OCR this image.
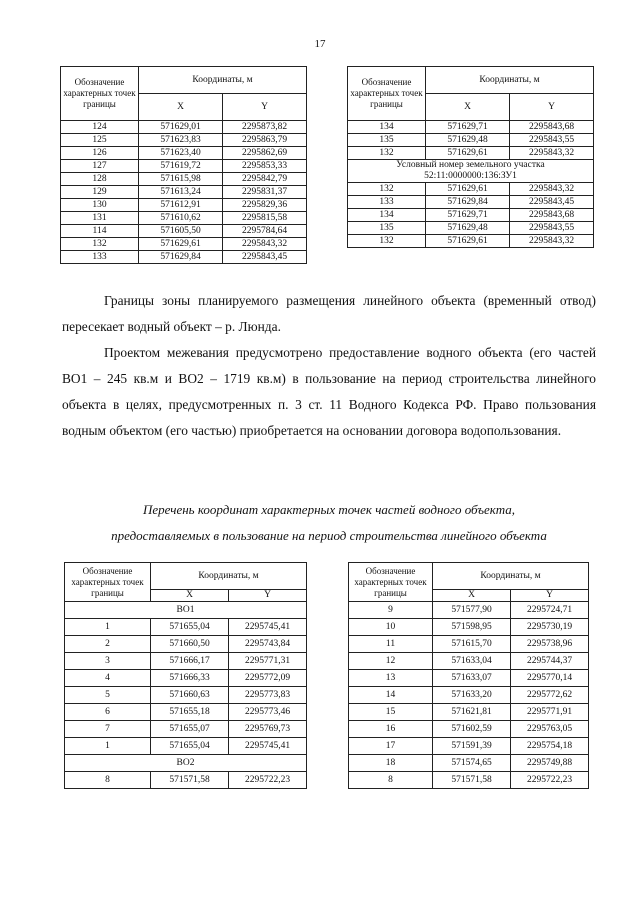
17
Обозначение характерных точек границы	Координаты, м	
	X	Y
124	571629,01	2295873,82
125	571623,83	2295863,79
126	571623,40	2295862,69
127	571619,72	2295853,33
128	571615,98	2295842,79
129	571613,24	2295831,37
130	571612,91	2295829,36
131	571610,62	2295815,58
114	571605,50	2295784,64
132	571629,61	2295843,32
133	571629,84	2295843,45
Обозначение характерных точек границы	Координаты, м	
	X	Y
134	571629,71	2295843,68
135	571629,48	2295843,55
132	571629,61	2295843,32
Условный номер земельного участка 52:11:0000000:136:ЗУ1		
132	571629,61	2295843,32
133	571629,84	2295843,45
134	571629,71	2295843,68
135	571629,48	2295843,55
132	571629,61	2295843,32

Границы зоны планируемого размещения линейного объекта (временный отвод) пересекает водный объект – р. Люнда.

Проектом межевания предусмотрено предоставление водного объекта (его частей ВО1 – 245 кв.м и ВО2 – 1719 кв.м) в пользование на период строительства линейного объекта в целях, предусмотренных п. 3 ст. 11 Водного Кодекса РФ. Право пользования водным объектом (его частью) приобретается на основании договора водопользования.

Перечень координат характерных точек частей водного объекта,

предоставляемых в пользование на период строительства линейного объекта

Обозначение характерных точек границы	Координаты, м	
	X	Y
ВО1		
1	571655,04	2295745,41
2	571660,50	2295743,84
3	571666,17	2295771,31
4	571666,33	2295772,09
5	571660,63	2295773,83
6	571655,18	2295773,46
7	571655,07	2295769,73
1	571655,04	2295745,41
ВО2		
8	571571,58	2295722,23
Обозначение характерных точек границы	Координаты, м	
	X	Y
9	571577,90	2295724,71
10	571598,95	2295730,19
11	571615,70	2295738,96
12	571633,04	2295744,37
13	571633,07	2295770,14
14	571633,20	2295772,62
15	571621,81	2295771,91
16	571602,59	2295763,05
17	571591,39	2295754,18
18	571574,65	2295749,88
8	571571,58	2295722,23
